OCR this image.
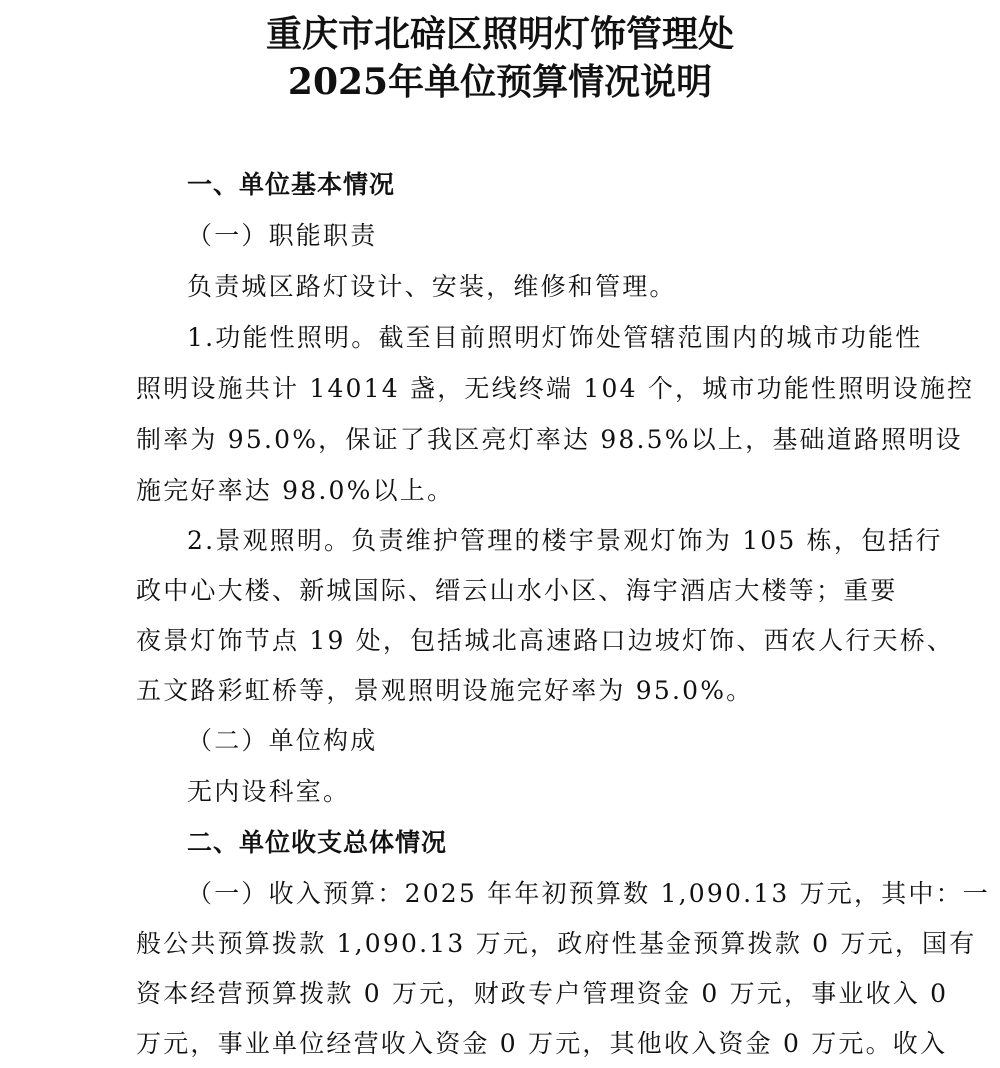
重庆市北碚区照明灯饰管理处
2025年单位预算情况说明

一、单位基本情况

（一）职能职责

负责城区路灯设计、安装，维修和管理。

1.功能性照明。截至目前照明灯饰处管辖范围内的城市功能性

照明设施共计 14014 盏，无线终端 104 个，城市功能性照明设施控

制率为 95.0%，保证了我区亮灯率达 98.5%以上，基础道路照明设

施完好率达 98.0%以上。

2.景观照明。负责维护管理的楼宇景观灯饰为 105 栋，包括行

政中心大楼、新城国际、缙云山水小区、海宇酒店大楼等；重要

夜景灯饰节点 19 处，包括城北高速路口边坡灯饰、西农人行天桥、

五文路彩虹桥等，景观照明设施完好率为 95.0%。

（二）单位构成

无内设科室。

二、单位收支总体情况

（一）收入预算：2025 年年初预算数 1,090.13 万元，其中：一

般公共预算拨款 1,090.13 万元，政府性基金预算拨款 0 万元，国有

资本经营预算拨款 0 万元，财政专户管理资金 0 万元，事业收入 0

万元，事业单位经营收入资金 0 万元，其他收入资金 0 万元。收入
